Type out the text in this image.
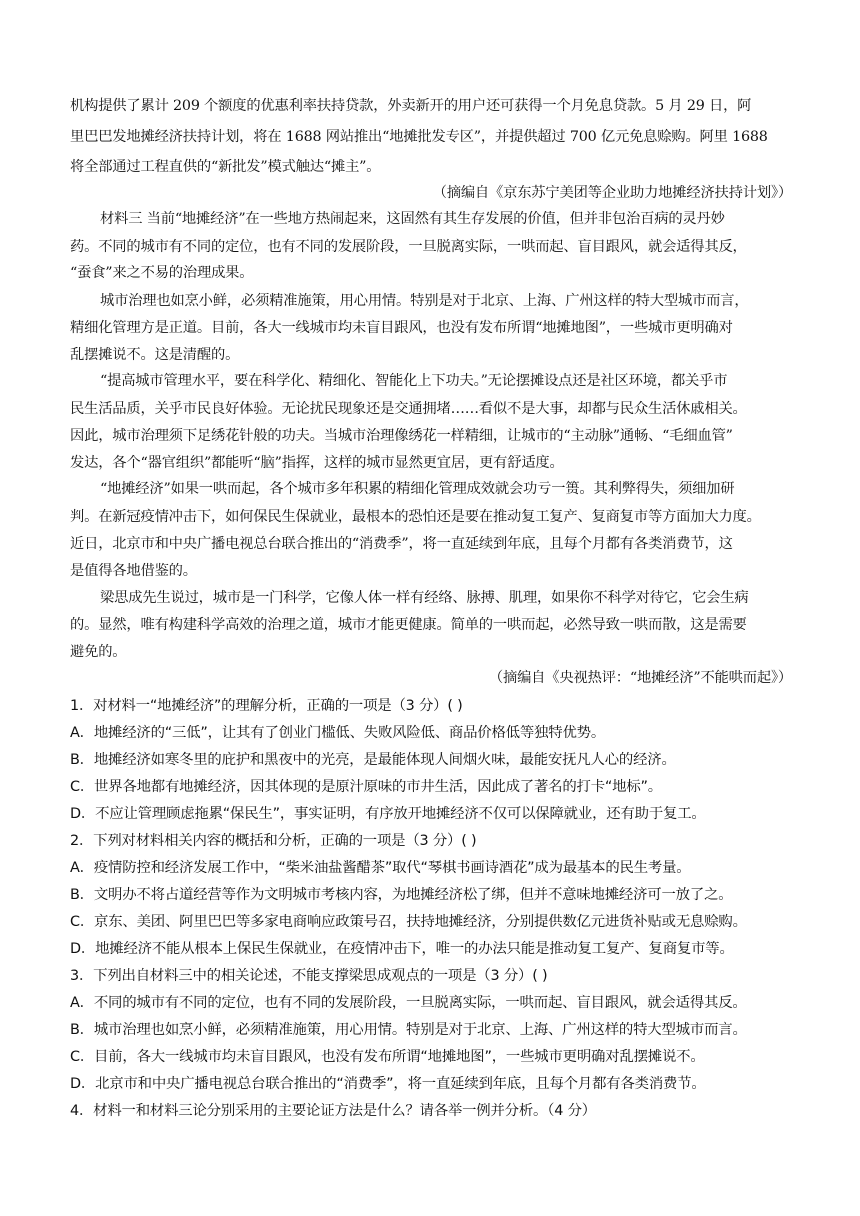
机构提供了累计 209 个额度的优惠利率扶持贷款，外卖新开的用户还可获得一个月免息贷款。5 月 29 日，阿
里巴巴发地摊经济扶持计划，将在 1688 网站推出“地摊批发专区”，并提供超过 700 亿元免息赊购。阿里 1688
将全部通过工程直供的“新批发”模式触达“摊主”。
（摘编自《京东苏宁美团等企业助力地摊经济扶持计划》）
材料三 当前“地摊经济”在一些地方热闹起来，这固然有其生存发展的价值，但并非包治百病的灵丹妙
药。不同的城市有不同的定位，也有不同的发展阶段，一旦脱离实际，一哄而起、盲目跟风，就会适得其反，
“蚕食”来之不易的治理成果。
城市治理也如烹小鲜，必须精准施策，用心用情。特别是对于北京、上海、广州这样的特大型城市而言，
精细化管理方是正道。目前，各大一线城市均未盲目跟风，也没有发布所谓“地摊地图”，一些城市更明确对
乱摆摊说不。这是清醒的。
“提高城市管理水平，要在科学化、精细化、智能化上下功夫。”无论摆摊设点还是社区环境，都关乎市
民生活品质，关乎市民良好体验。无论扰民现象还是交通拥堵……看似不是大事，却都与民众生活休戚相关。
因此，城市治理须下足绣花针般的功夫。当城市治理像绣花一样精细，让城市的“主动脉”通畅、“毛细血管”
发达，各个“器官组织”都能听“脑”指挥，这样的城市显然更宜居，更有舒适度。
“地摊经济”如果一哄而起，各个城市多年积累的精细化管理成效就会功亏一篑。其利弊得失，须细加研
判。在新冠疫情冲击下，如何保民生保就业，最根本的恐怕还是要在推动复工复产、复商复市等方面加大力度。
近日，北京市和中央广播电视总台联合推出的“消费季”，将一直延续到年底，且每个月都有各类消费节，这
是值得各地借鉴的。
梁思成先生说过，城市是一门科学，它像人体一样有经络、脉搏、肌理，如果你不科学对待它，它会生病
的。显然，唯有构建科学高效的治理之道，城市才能更健康。简单的一哄而起，必然导致一哄而散，这是需要
避免的。
（摘编自《央视热评：“地摊经济”不能哄而起》）
1．对材料一“地摊经济”的理解分析，正确的一项是（3 分）( )
A．地摊经济的“三低”，让其有了创业门槛低、失败风险低、商品价格低等独特优势。
B．地摊经济如寒冬里的庇护和黑夜中的光亮，是最能体现人间烟火味，最能安抚凡人心的经济。
C．世界各地都有地摊经济，因其体现的是原汁原味的市井生活，因此成了著名的打卡“地标”。
D．不应让管理顾虑拖累“保民生”，事实证明，有序放开地摊经济不仅可以保障就业，还有助于复工。
2．下列对材料相关内容的概括和分析，正确的一项是（3 分）( )
A．疫情防控和经济发展工作中，“柴米油盐酱醋茶”取代“琴棋书画诗酒花”成为最基本的民生考量。
B．文明办不将占道经营等作为文明城市考核内容，为地摊经济松了绑，但并不意味地摊经济可一放了之。
C．京东、美团、阿里巴巴等多家电商响应政策号召，扶持地摊经济，分别提供数亿元进货补贴或无息赊购。
D．地摊经济不能从根本上保民生保就业，在疫情冲击下，唯一的办法只能是推动复工复产、复商复市等。
3．下列出自材料三中的相关论述，不能支撑梁思成观点的一项是（3 分）( )
A．不同的城市有不同的定位，也有不同的发展阶段，一旦脱离实际，一哄而起、盲目跟风，就会适得其反。
B．城市治理也如烹小鲜，必须精准施策，用心用情。特别是对于北京、上海、广州这样的特大型城市而言。
C．目前，各大一线城市均未盲目跟风，也没有发布所谓“地摊地图”，一些城市更明确对乱摆摊说不。
D．北京市和中央广播电视总台联合推出的“消费季”，将一直延续到年底，且每个月都有各类消费节。
4．材料一和材料三论分别采用的主要论证方法是什么？请各举一例并分析。（4 分）
